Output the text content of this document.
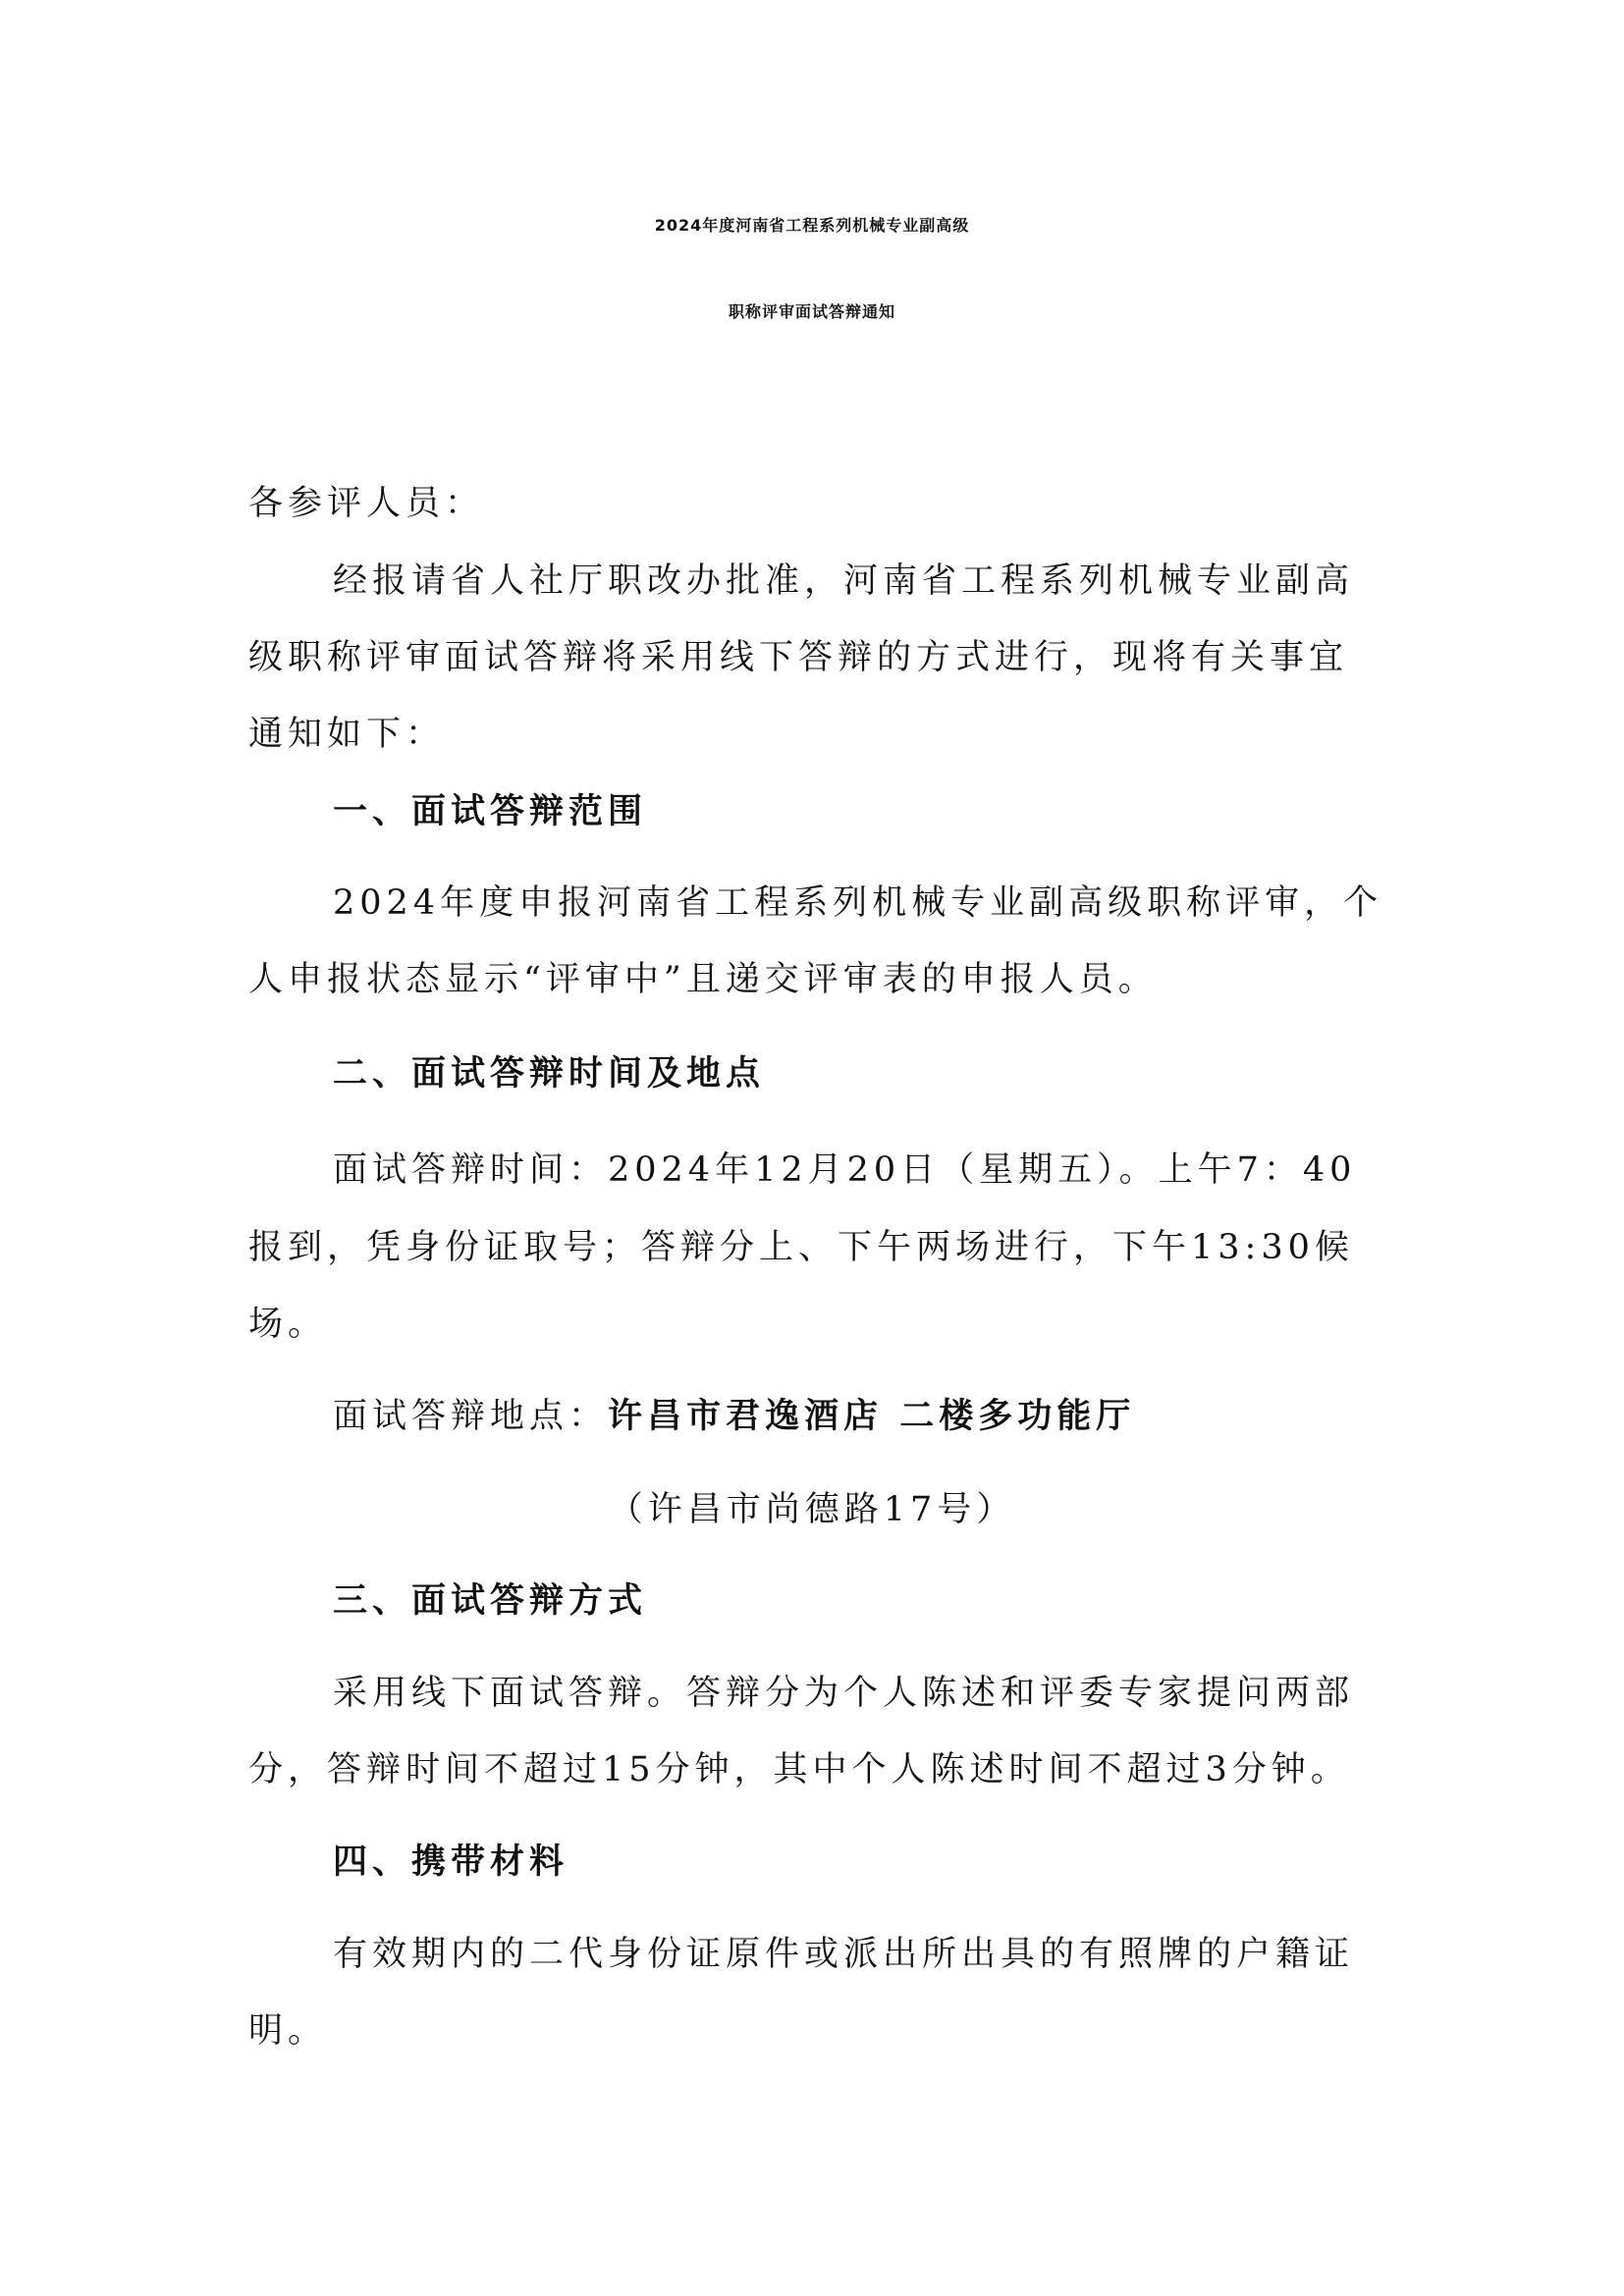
2024年度河南省工程系列机械专业副高级
职称评审面试答辩通知
各参评人员：
经报请省人社厅职改办批准，河南省工程系列机械专业副高
级职称评审面试答辩将采用线下答辩的方式进行，现将有关事宜
通知如下：
一、面试答辩范围
2024年度申报河南省工程系列机械专业副高级职称评审，个
人申报状态显示“评审中”且递交评审表的申报人员。
二、面试答辩时间及地点
面试答辩时间：2024年12月20日（星期五）。上午7：40
报到，凭身份证取号；答辩分上、下午两场进行，下午13:30候
场。
面试答辩地点：许昌市君逸酒店 二楼多功能厅
（许昌市尚德路17号）
三、面试答辩方式
采用线下面试答辩。答辩分为个人陈述和评委专家提问两部
分，答辩时间不超过15分钟，其中个人陈述时间不超过3分钟。
四、携带材料
有效期内的二代身份证原件或派出所出具的有照牌的户籍证
明。
